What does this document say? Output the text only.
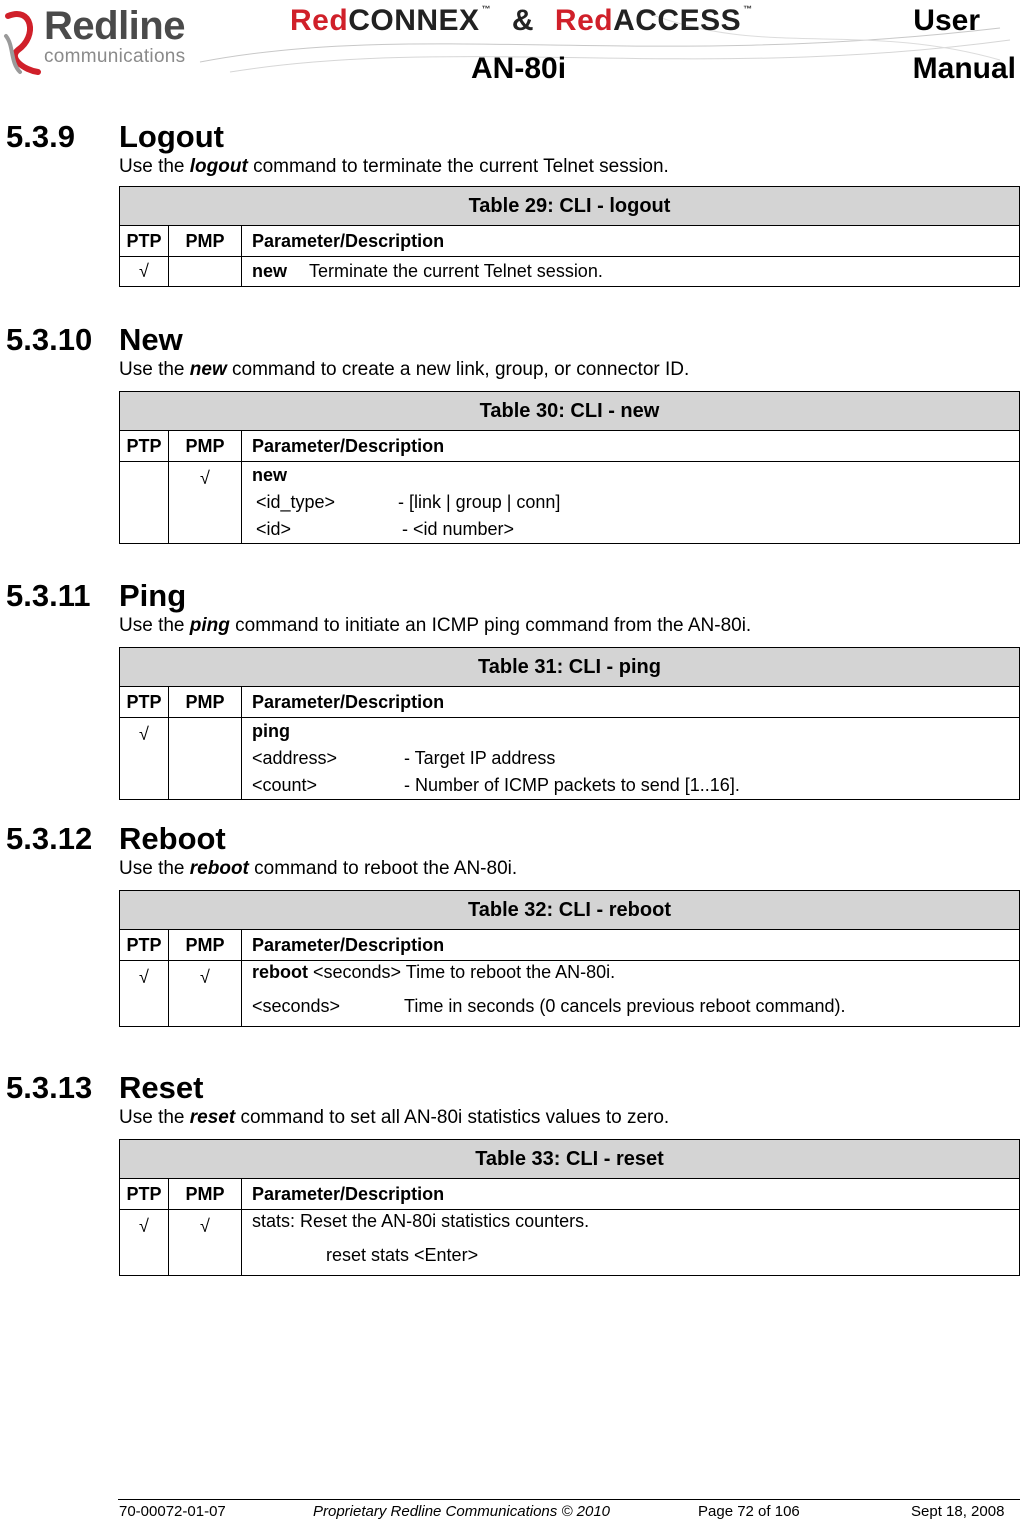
Redline
communications
RedCONNEX ™ & RedACCESS ™
AN-80i
User
Manual
5.3.9 Logout

Use the logout command to terminate the current Telnet session.

Table 29: CLI - logout		
PTP	PMP	Parameter/Description
√		new Terminate the current Telnet session.
5.3.10 New

Use the new command to create a new link, group, or connector ID.

Table 30: CLI - new		
PTP	PMP	Parameter/Description
	√	new
<id_type> - [link | group | conn]
<id> - <id number>
5.3.11 Ping

Use the ping command to initiate an ICMP ping command from the AN-80i.

Table 31: CLI - ping		
PTP	PMP	Parameter/Description
√		ping
<address> - Target IP address
<count> - Number of ICMP packets to send [1..16].
5.3.12 Reboot

Use the reboot command to reboot the AN-80i.

Table 32: CLI - reboot		
PTP	PMP	Parameter/Description
√	√	reboot <seconds> Time to reboot the AN-80i.
<seconds> Time in seconds (0 cancels previous reboot command).
5.3.13 Reset

Use the reset command to set all AN-80i statistics values to zero.

Table 33: CLI - reset		
PTP	PMP	Parameter/Description
√	√	stats: Reset the AN-80i statistics counters.
reset stats <Enter>
70-00072-01-07	Proprietary Redline Communications © 2010	Page 72 of 106	Sept 18, 2008
